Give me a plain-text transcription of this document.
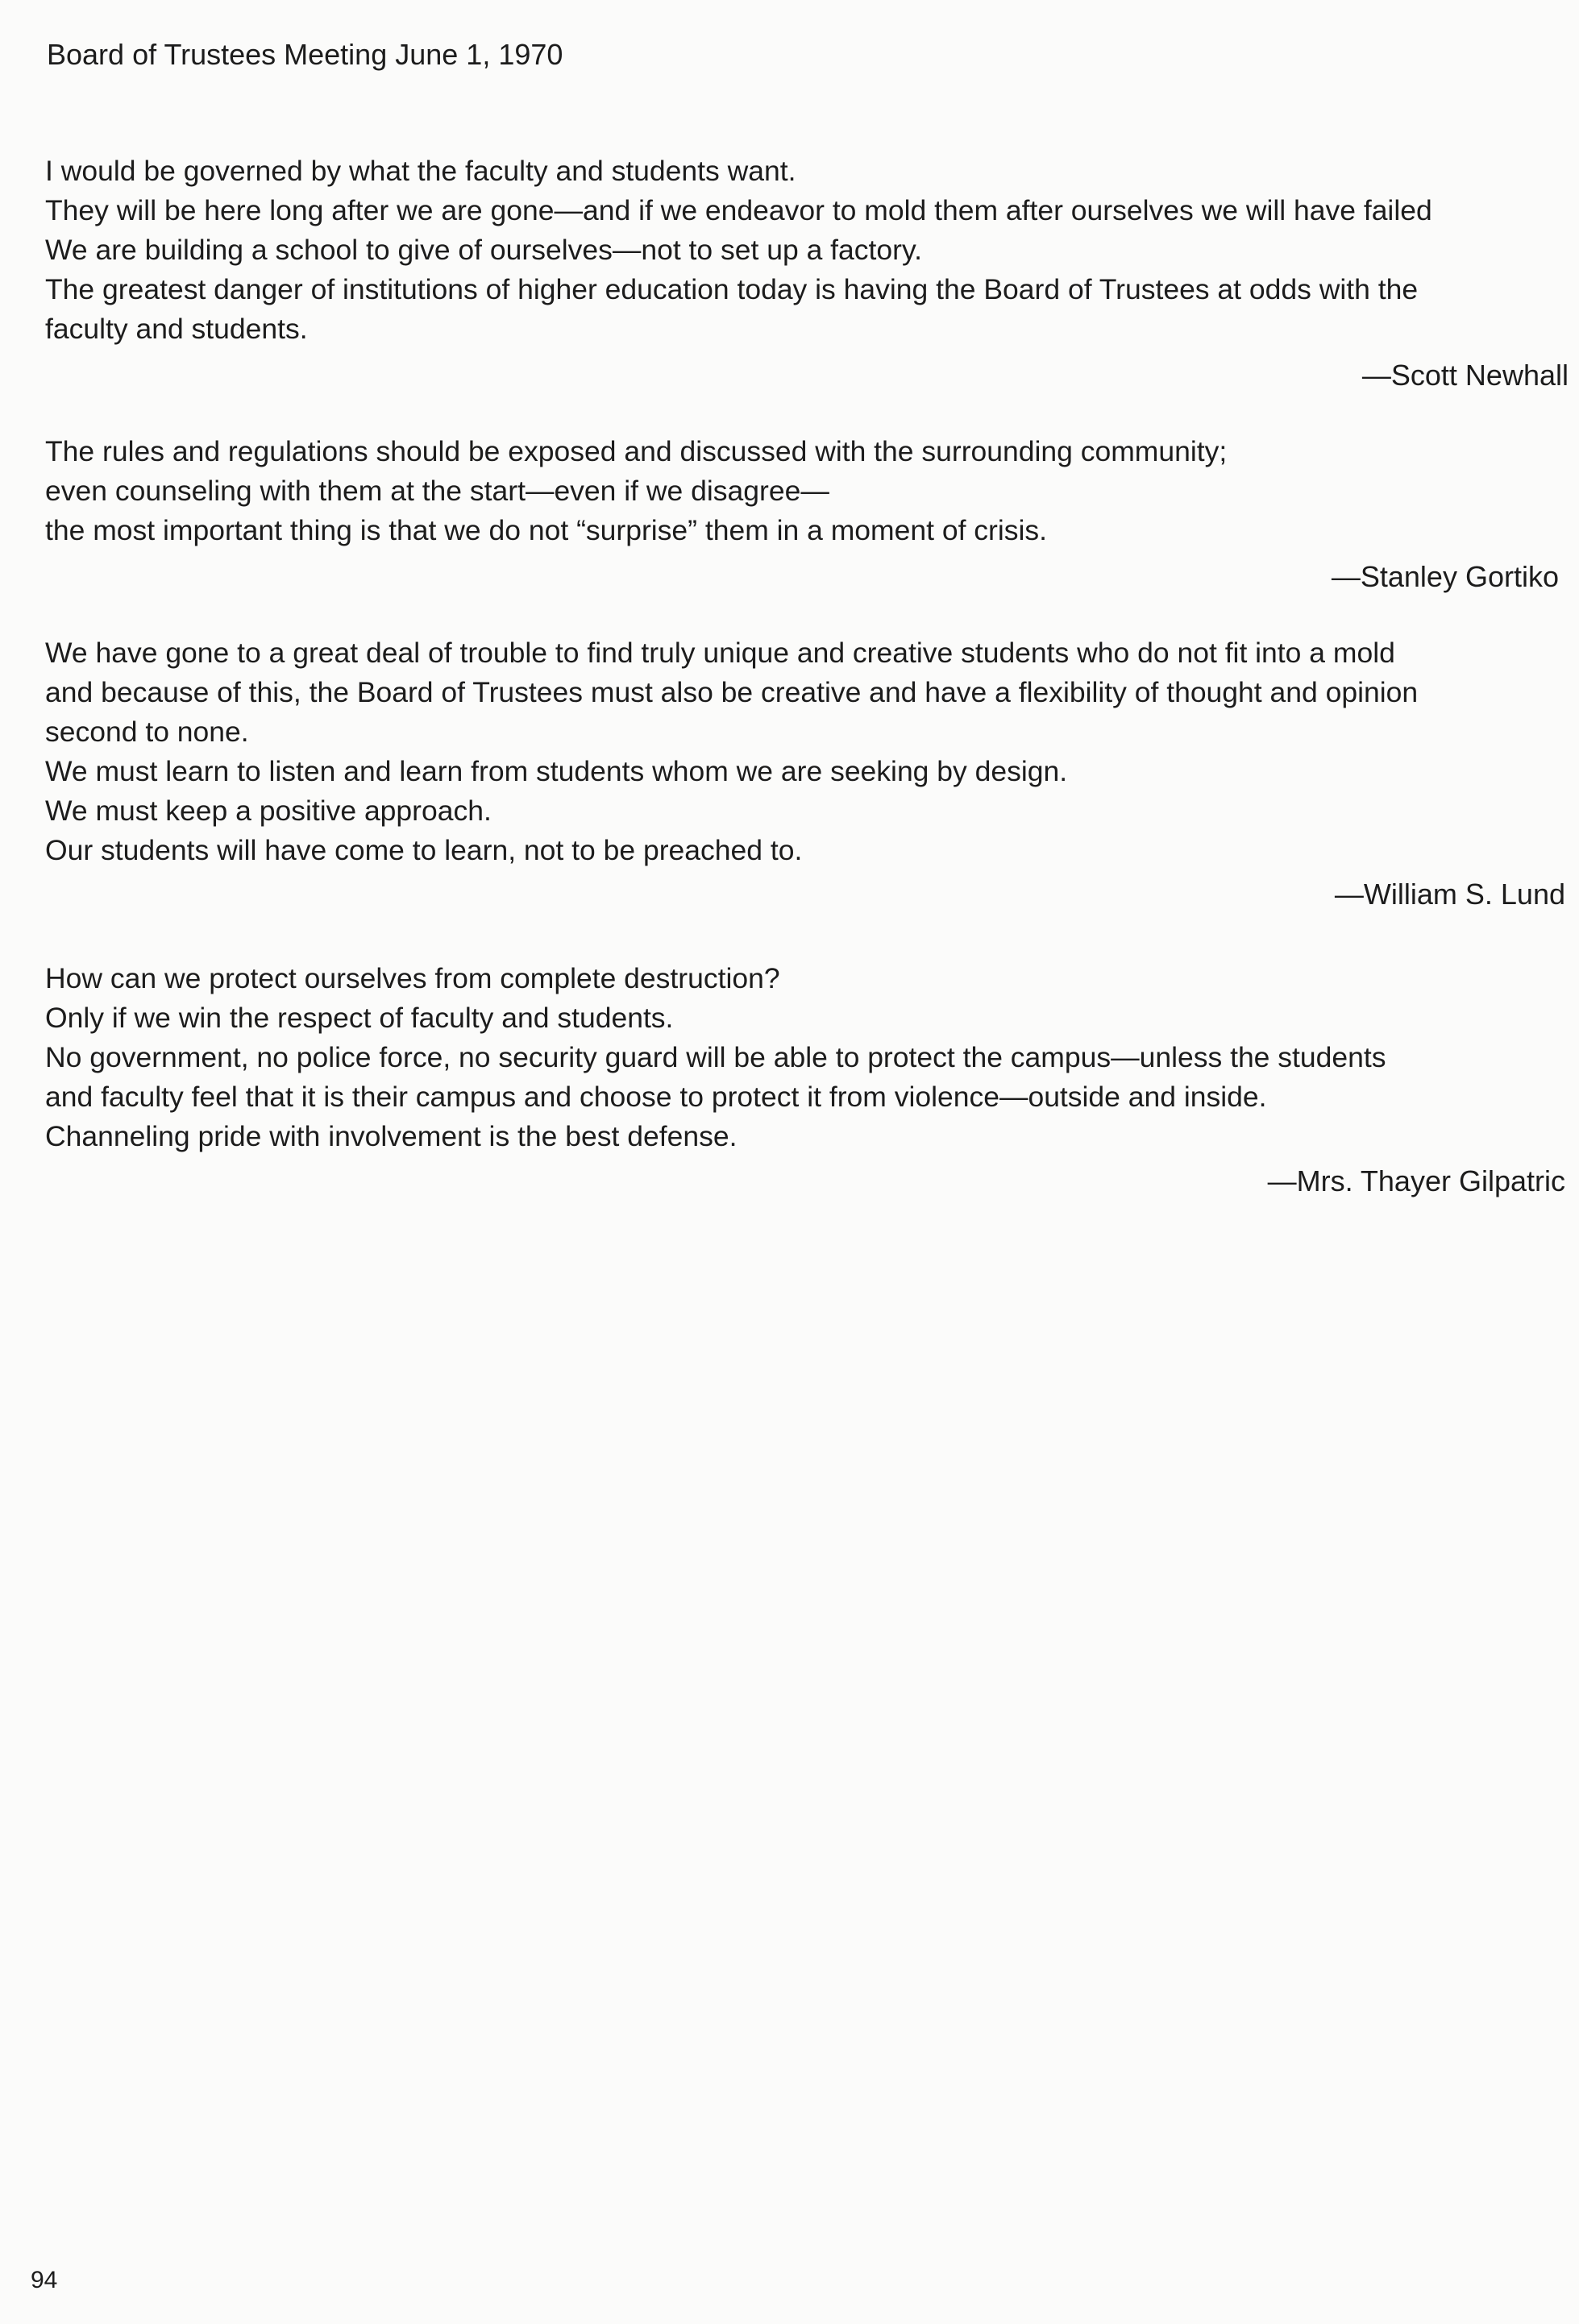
Board of Trustees Meeting June 1, 1970

I would be governed by what the faculty and students want.

They will be here long after we are gone—and if we endeavor to mold them after ourselves we will have failed

We are building a school to give of ourselves—not to set up a factory.

The greatest danger of institutions of higher education today is having the Board of Trustees at odds with the

faculty and students.

—Scott Newhall

The rules and regulations should be exposed and discussed with the surrounding community;

even counseling with them at the start—even if we disagree—

the most important thing is that we do not “surprise” them in a moment of crisis.

—Stanley Gortiko

We have gone to a great deal of trouble to find truly unique and creative students who do not fit into a mold

and because of this, the Board of Trustees must also be creative and have a flexibility of thought and opinion

second to none.

We must learn to listen and learn from students whom we are seeking by design.

We must keep a positive approach.

Our students will have come to learn, not to be preached to.

—William S. Lund

How can we protect ourselves from complete destruction?

Only if we win the respect of faculty and students.

No government, no police force, no security guard will be able to protect the campus—unless the students

and faculty feel that it is their campus and choose to protect it from violence—outside and inside.

Channeling pride with involvement is the best defense.

—Mrs. Thayer Gilpatric
94
